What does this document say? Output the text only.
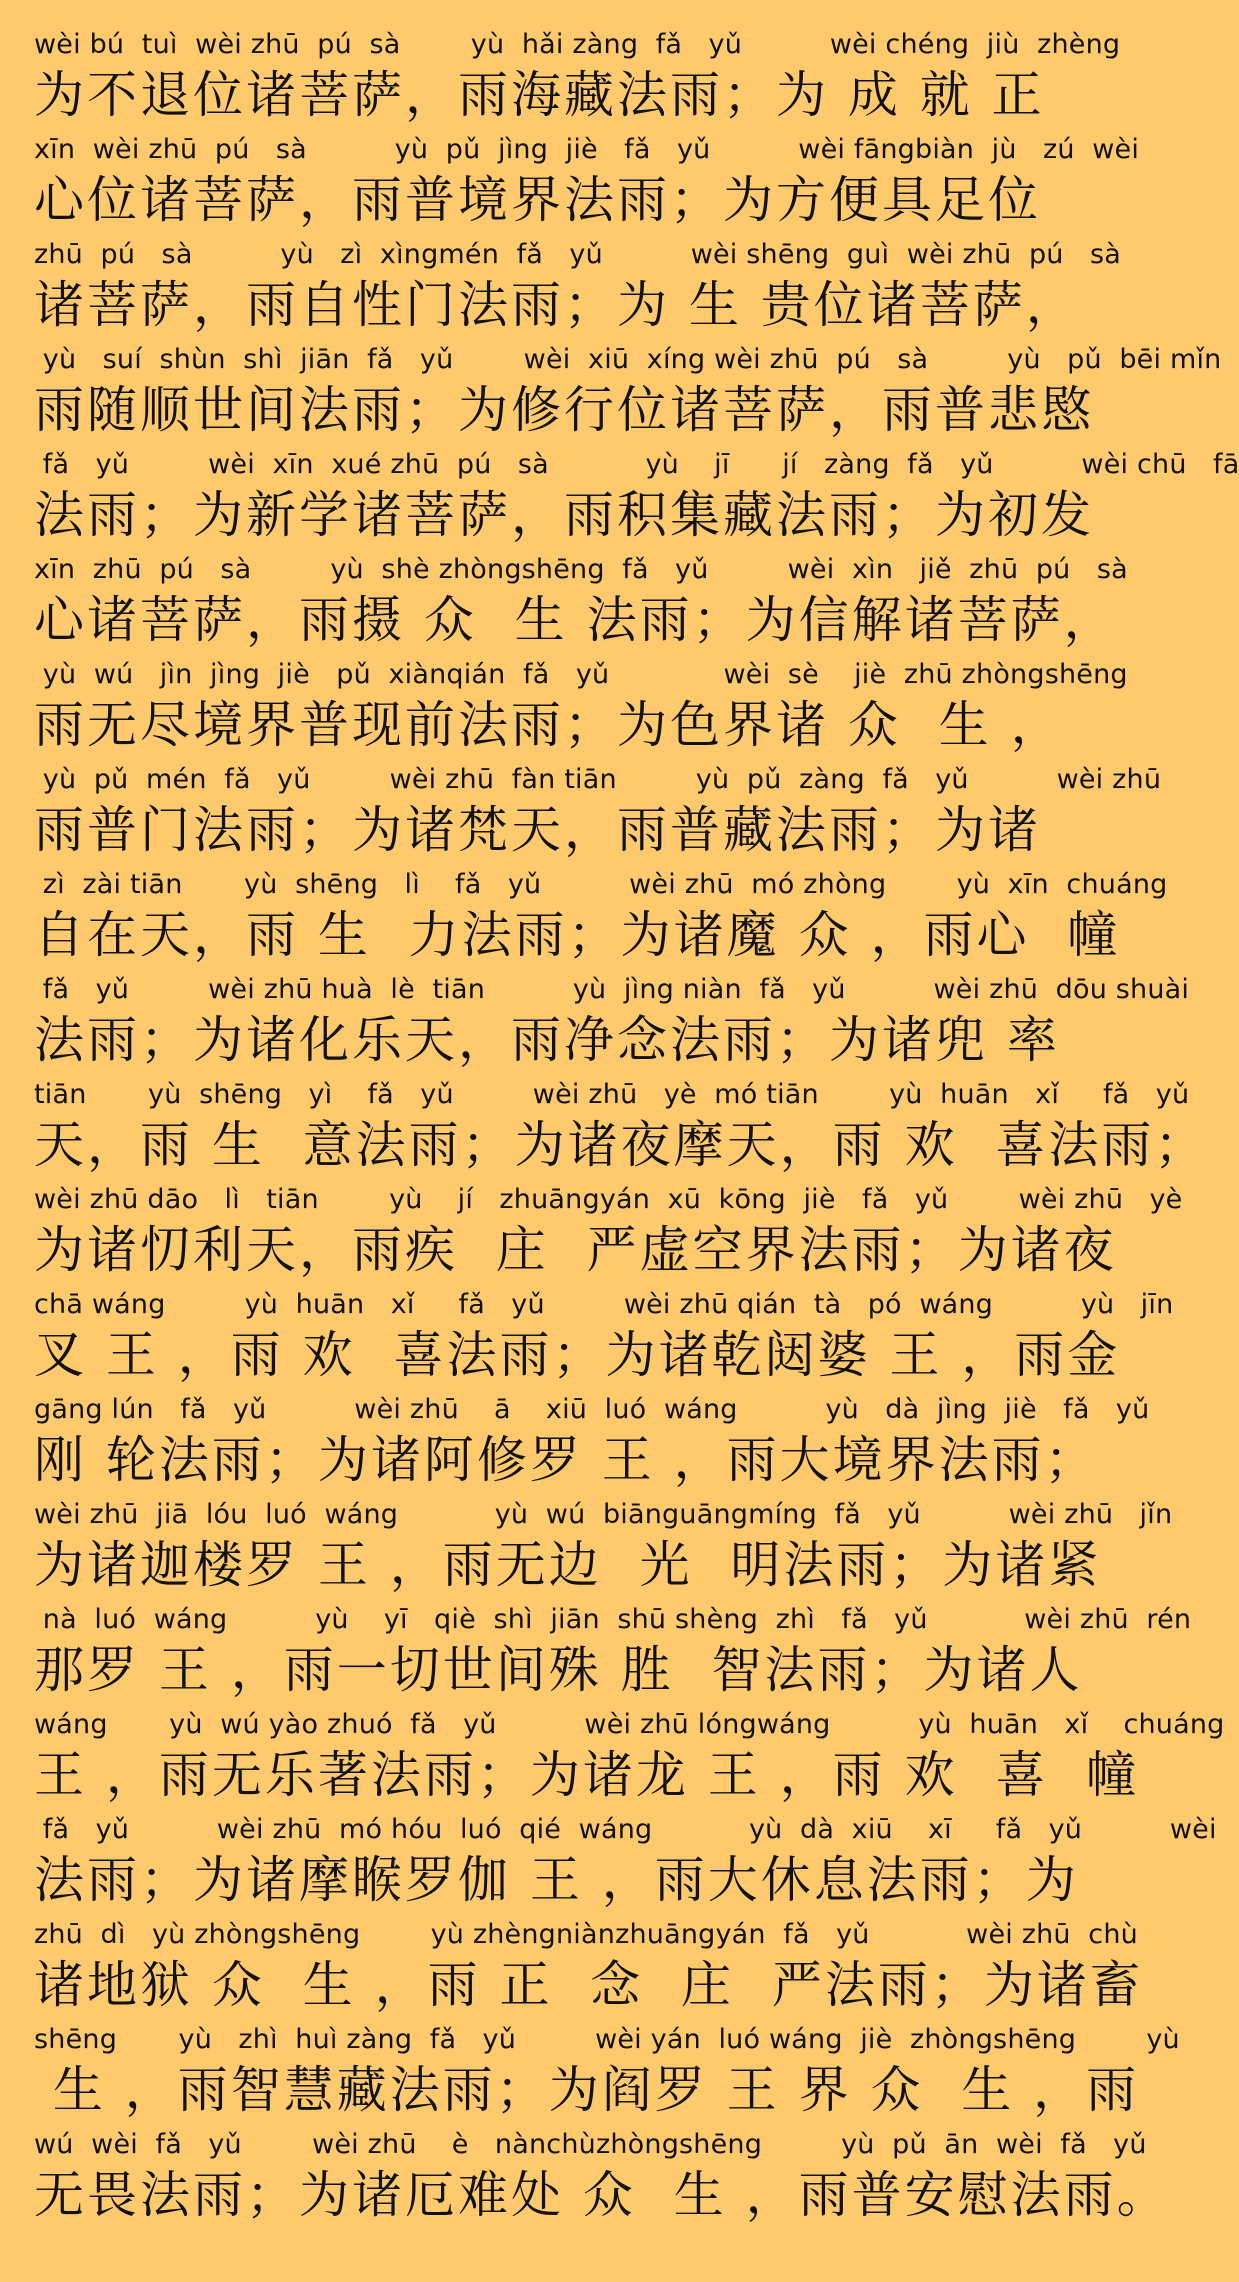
wèi bú  tuì  wèi zhū  pú  sà        yù  hǎi zàng  fǎ   yǔ          wèi chéng  jiù  zhèng
为不退位诸菩萨，雨海藏法雨；为 成 就 正
xīn  wèi zhū  pú   sà          yù  pǔ  jìng  jiè   fǎ   yǔ          wèi fāngbiàn  jù   zú  wèi
心位诸菩萨，雨普境界法雨；为方便具足位
zhū  pú   sà          yù   zì  xìngmén  fǎ   yǔ          wèi shēng  guì  wèi zhū  pú   sà
诸菩萨，雨自性门法雨；为 生 贵位诸菩萨，
yù   suí  shùn  shì  jiān  fǎ   yǔ        wèi  xiū  xíng wèi zhū  pú   sà         yù   pǔ  bēi mǐn
雨随顺世间法雨；为修行位诸菩萨，雨普悲愍
fǎ   yǔ         wèi  xīn  xué zhū  pú   sà           yù    jī      jí   zàng  fǎ   yǔ          wèi chū   fā
法雨；为新学诸菩萨，雨积集藏法雨；为初发
xīn  zhū  pú   sà         yù  shè zhòngshēng  fǎ   yǔ         wèi  xìn   jiě  zhū  pú   sà
心诸菩萨，雨摄 众  生 法雨；为信解诸菩萨，
yù  wú   jìn  jìng  jiè   pǔ  xiànqián  fǎ   yǔ             wèi  sè    jiè  zhū zhòngshēng
雨无尽境界普现前法雨；为色界诸 众  生 ，
yù  pǔ  mén  fǎ   yǔ         wèi zhū  fàn tiān         yù  pǔ  zàng  fǎ   yǔ          wèi zhū
雨普门法雨；为诸梵天，雨普藏法雨；为诸
zì  zài tiān       yù  shēng   lì    fǎ   yǔ          wèi zhū  mó zhòng        yù  xīn  chuáng
自在天，雨 生  力法雨；为诸魔 众 ，雨心  幢
fǎ   yǔ         wèi zhū huà  lè  tiān          yù  jìng niàn  fǎ   yǔ          wèi zhū  dōu shuài
法雨；为诸化乐天，雨净念法雨；为诸兜 率
tiān       yù  shēng   yì    fǎ   yǔ         wèi zhū   yè  mó tiān        yù  huān   xǐ     fǎ   yǔ
天，雨 生  意法雨；为诸夜摩天，雨 欢  喜法雨；
wèi zhū dāo   lì   tiān        yù    jí   zhuāngyán  xū  kōng  jiè   fǎ   yǔ        wèi zhū   yè
为诸忉利天，雨疾  庄  严虚空界法雨；为诸夜
chā wáng         yù  huān   xǐ     fǎ   yǔ         wèi zhū qián  tà   pó  wáng          yù   jīn
叉 王 ，雨 欢  喜法雨；为诸乾闼婆 王 ，雨金
gāng lún   fǎ   yǔ          wèi zhū    ā    xiū  luó  wáng          yù   dà  jìng  jiè   fǎ   yǔ
刚 轮法雨；为诸阿修罗 王 ，雨大境界法雨；
wèi zhū  jiā  lóu  luó  wáng           yù  wú  biānguāngmíng  fǎ   yǔ          wèi zhū   jǐn
为诸迦楼罗 王 ，雨无边  光  明法雨；为诸紧
nà  luó  wáng          yù    yī   qiè  shì  jiān  shū shèng  zhì   fǎ   yǔ           wèi zhū  rén
那罗 王 ，雨一切世间殊 胜  智法雨；为诸人
wáng       yù  wú yào zhuó  fǎ   yǔ          wèi zhū lóngwáng          yù  huān   xǐ    chuáng
王 ，雨无乐著法雨；为诸龙 王 ，雨 欢  喜  幢
fǎ   yǔ          wèi zhū  mó hóu  luó  qié  wáng           yù  dà  xiū    xī     fǎ   yǔ          wèi
法雨；为诸摩睺罗伽 王 ，雨大休息法雨；为
zhū  dì   yù zhòngshēng        yù zhèngniànzhuāngyán  fǎ   yǔ           wèi zhū  chù
诸地狱 众  生 ，雨 正  念  庄  严法雨；为诸畜
shēng       yù   zhì  huì zàng  fǎ   yǔ         wèi yán  luó wáng  jiè  zhòngshēng        yù
生 ，雨智慧藏法雨；为阎罗 王 界 众  生 ，雨
wú  wèi  fǎ   yǔ        wèi zhū    è   nànchùzhòngshēng         yù  pǔ  ān  wèi  fǎ   yǔ
无畏法雨；为诸厄难处 众  生 ，雨普安慰法雨。
